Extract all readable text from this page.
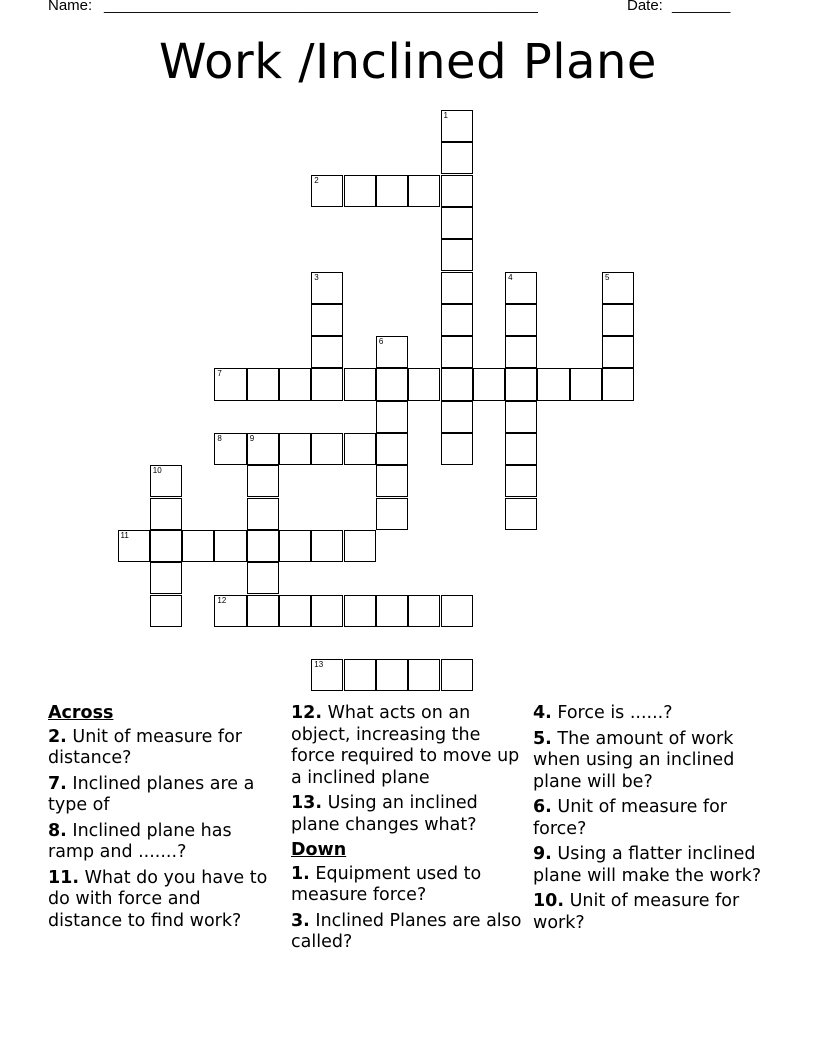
Name: ____________________________________________________	Date: _______
Work /Inclined Plane
1
2
3	4	5
6
7
8	9
10
11
12
13
Across
2. Unit of measure for distance?
7. Inclined planes are a type of
8. Inclined plane has ramp and .......?
11. What do you have to do with force and distance to find work?
12. What acts on an object, increasing the force required to move up a inclined plane
13. Using an inclined plane changes what?
Down
1. Equipment used to measure force?
3. Inclined Planes are also called?
4. Force is ......?
5. The amount of work when using an inclined plane will be?
6. Unit of measure for force?
9. Using a flatter inclined plane will make the work?
10. Unit of measure for work?
